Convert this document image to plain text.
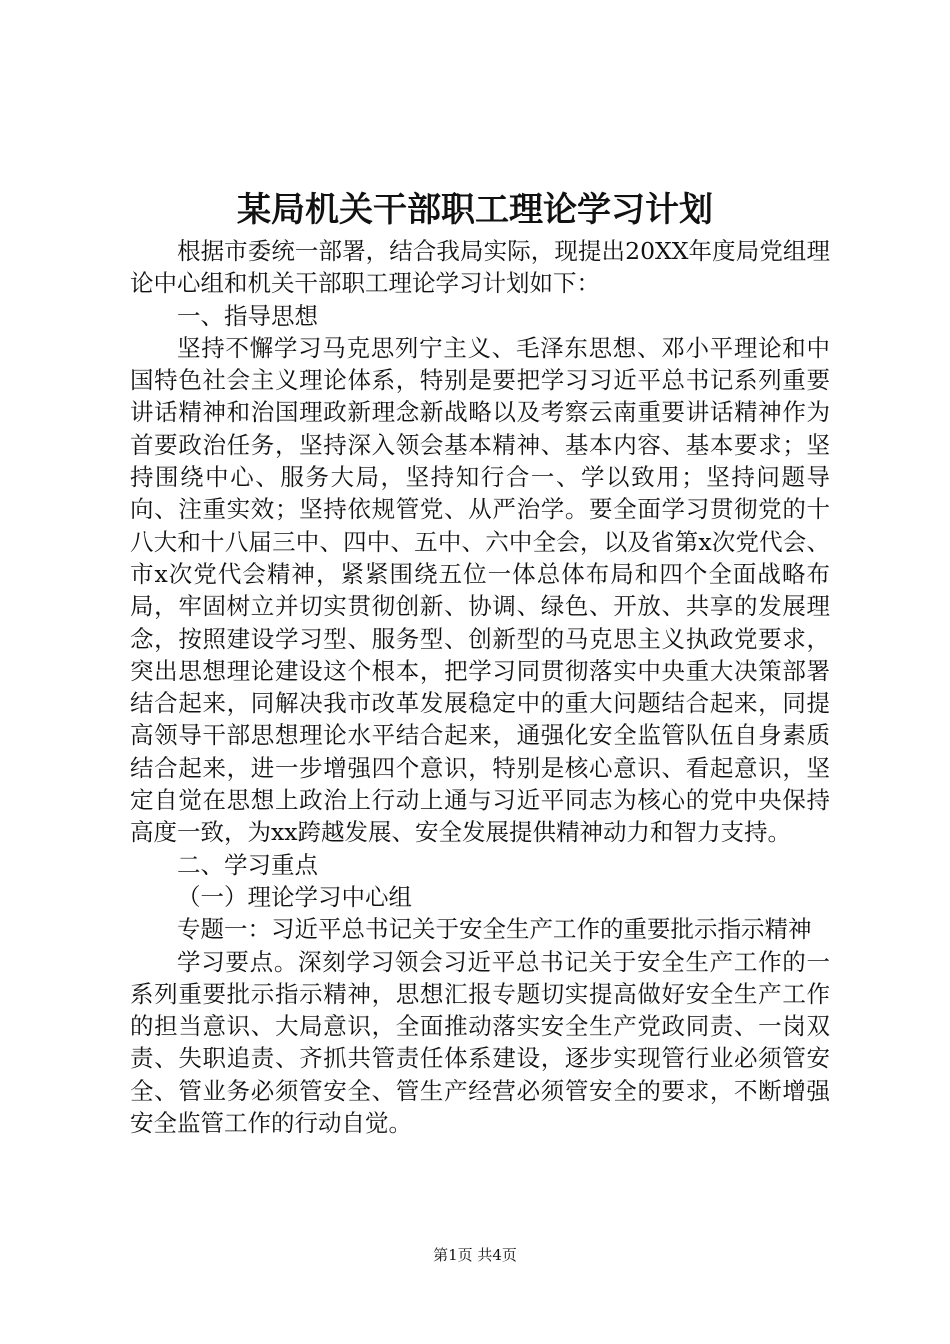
某局机关干部职工理论学习计划

根据市委统一部署，结合我局实际，现提出20XX年度局党组理论中心组和机关干部职工理论学习计划如下：

一、指导思想

坚持不懈学习马克思列宁主义、毛泽东思想、邓小平理论和中国特色社会主义理论体系，特别是要把学习习近平总书记系列重要讲话精神和治国理政新理念新战略以及考察云南重要讲话精神作为首要政治任务，坚持深入领会基本精神、基本内容、基本要求；坚持围绕中心、服务大局，坚持知行合一、学以致用；坚持问题导向、注重实效；坚持依规管党、从严治学。要全面学习贯彻党的十八大和十八届三中、四中、五中、六中全会，以及省第x次党代会、市x次党代会精神，紧紧围绕五位一体总体布局和四个全面战略布局，牢固树立并切实贯彻创新、协调、绿色、开放、共享的发展理念，按照建设学习型、服务型、创新型的马克思主义执政党要求，突出思想理论建设这个根本，把学习同贯彻落实中央重大决策部署结合起来，同解决我市改革发展稳定中的重大问题结合起来，同提高领导干部思想理论水平结合起来，通强化安全监管队伍自身素质结合起来，进一步增强四个意识，特别是核心意识、看起意识，坚定自觉在思想上政治上行动上通与习近平同志为核心的党中央保持高度一致，为xx跨越发展、安全发展提供精神动力和智力支持。

二、学习重点

（一）理论学习中心组

专题一：习近平总书记关于安全生产工作的重要批示指示精神

学习要点。深刻学习领会习近平总书记关于安全生产工作的一系列重要批示指示精神，思想汇报专题切实提高做好安全生产工作的担当意识、大局意识，全面推动落实安全生产党政同责、一岗双责、失职追责、齐抓共管责任体系建设，逐步实现管行业必须管安全、管业务必须管安全、管生产经营必须管安全的要求，不断增强安全监管工作的行动自觉。

第1页 共4页
